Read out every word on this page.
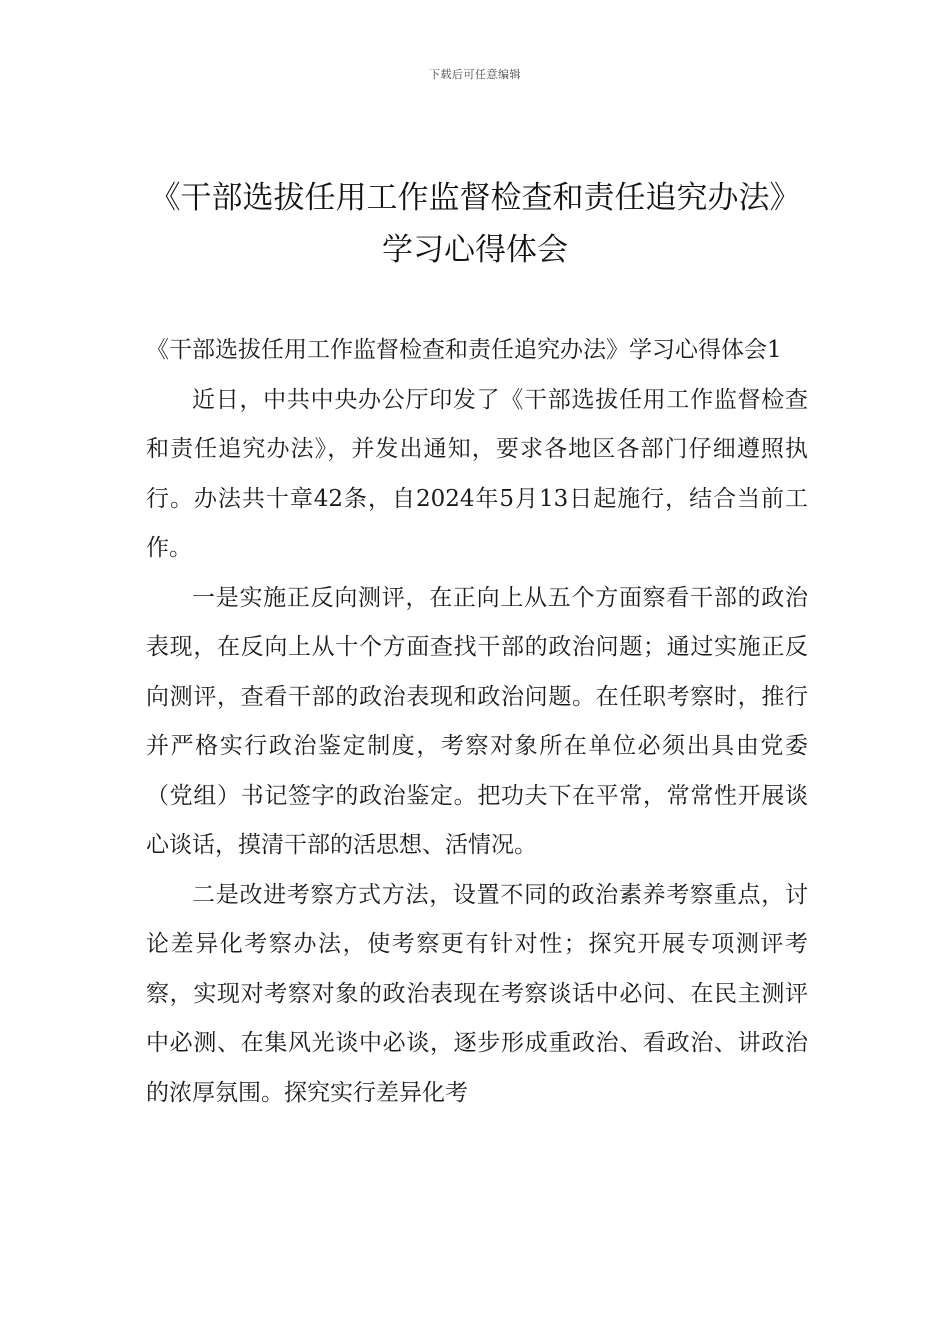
下载后可任意编辑
《干部选拔任用工作监督检查和责任追究办法》学习心得体会

《干部选拔任用工作监督检查和责任追究办法》学习心得体会1

近日，中共中央办公厅印发了《干部选拔任用工作监督检查和责任追究办法》，并发出通知，要求各地区各部门仔细遵照执行。办法共十章42条，自2024年5月13日起施行，结合当前工作。

一是实施正反向测评，在正向上从五个方面察看干部的政治表现，在反向上从十个方面查找干部的政治问题；通过实施正反向测评，查看干部的政治表现和政治问题。在任职考察时，推行并严格实行政治鉴定制度，考察对象所在单位必须出具由党委（党组）书记签字的政治鉴定。把功夫下在平常，常常性开展谈心谈话，摸清干部的活思想、活情况。

二是改进考察方式方法，设置不同的政治素养考察重点，讨论差异化考察办法，使考察更有针对性；探究开展专项测评考察，实现对考察对象的政治表现在考察谈话中必问、在民主测评中必测、在集风光谈中必谈，逐步形成重政治、看政治、讲政治的浓厚氛围。探究实行差异化考
